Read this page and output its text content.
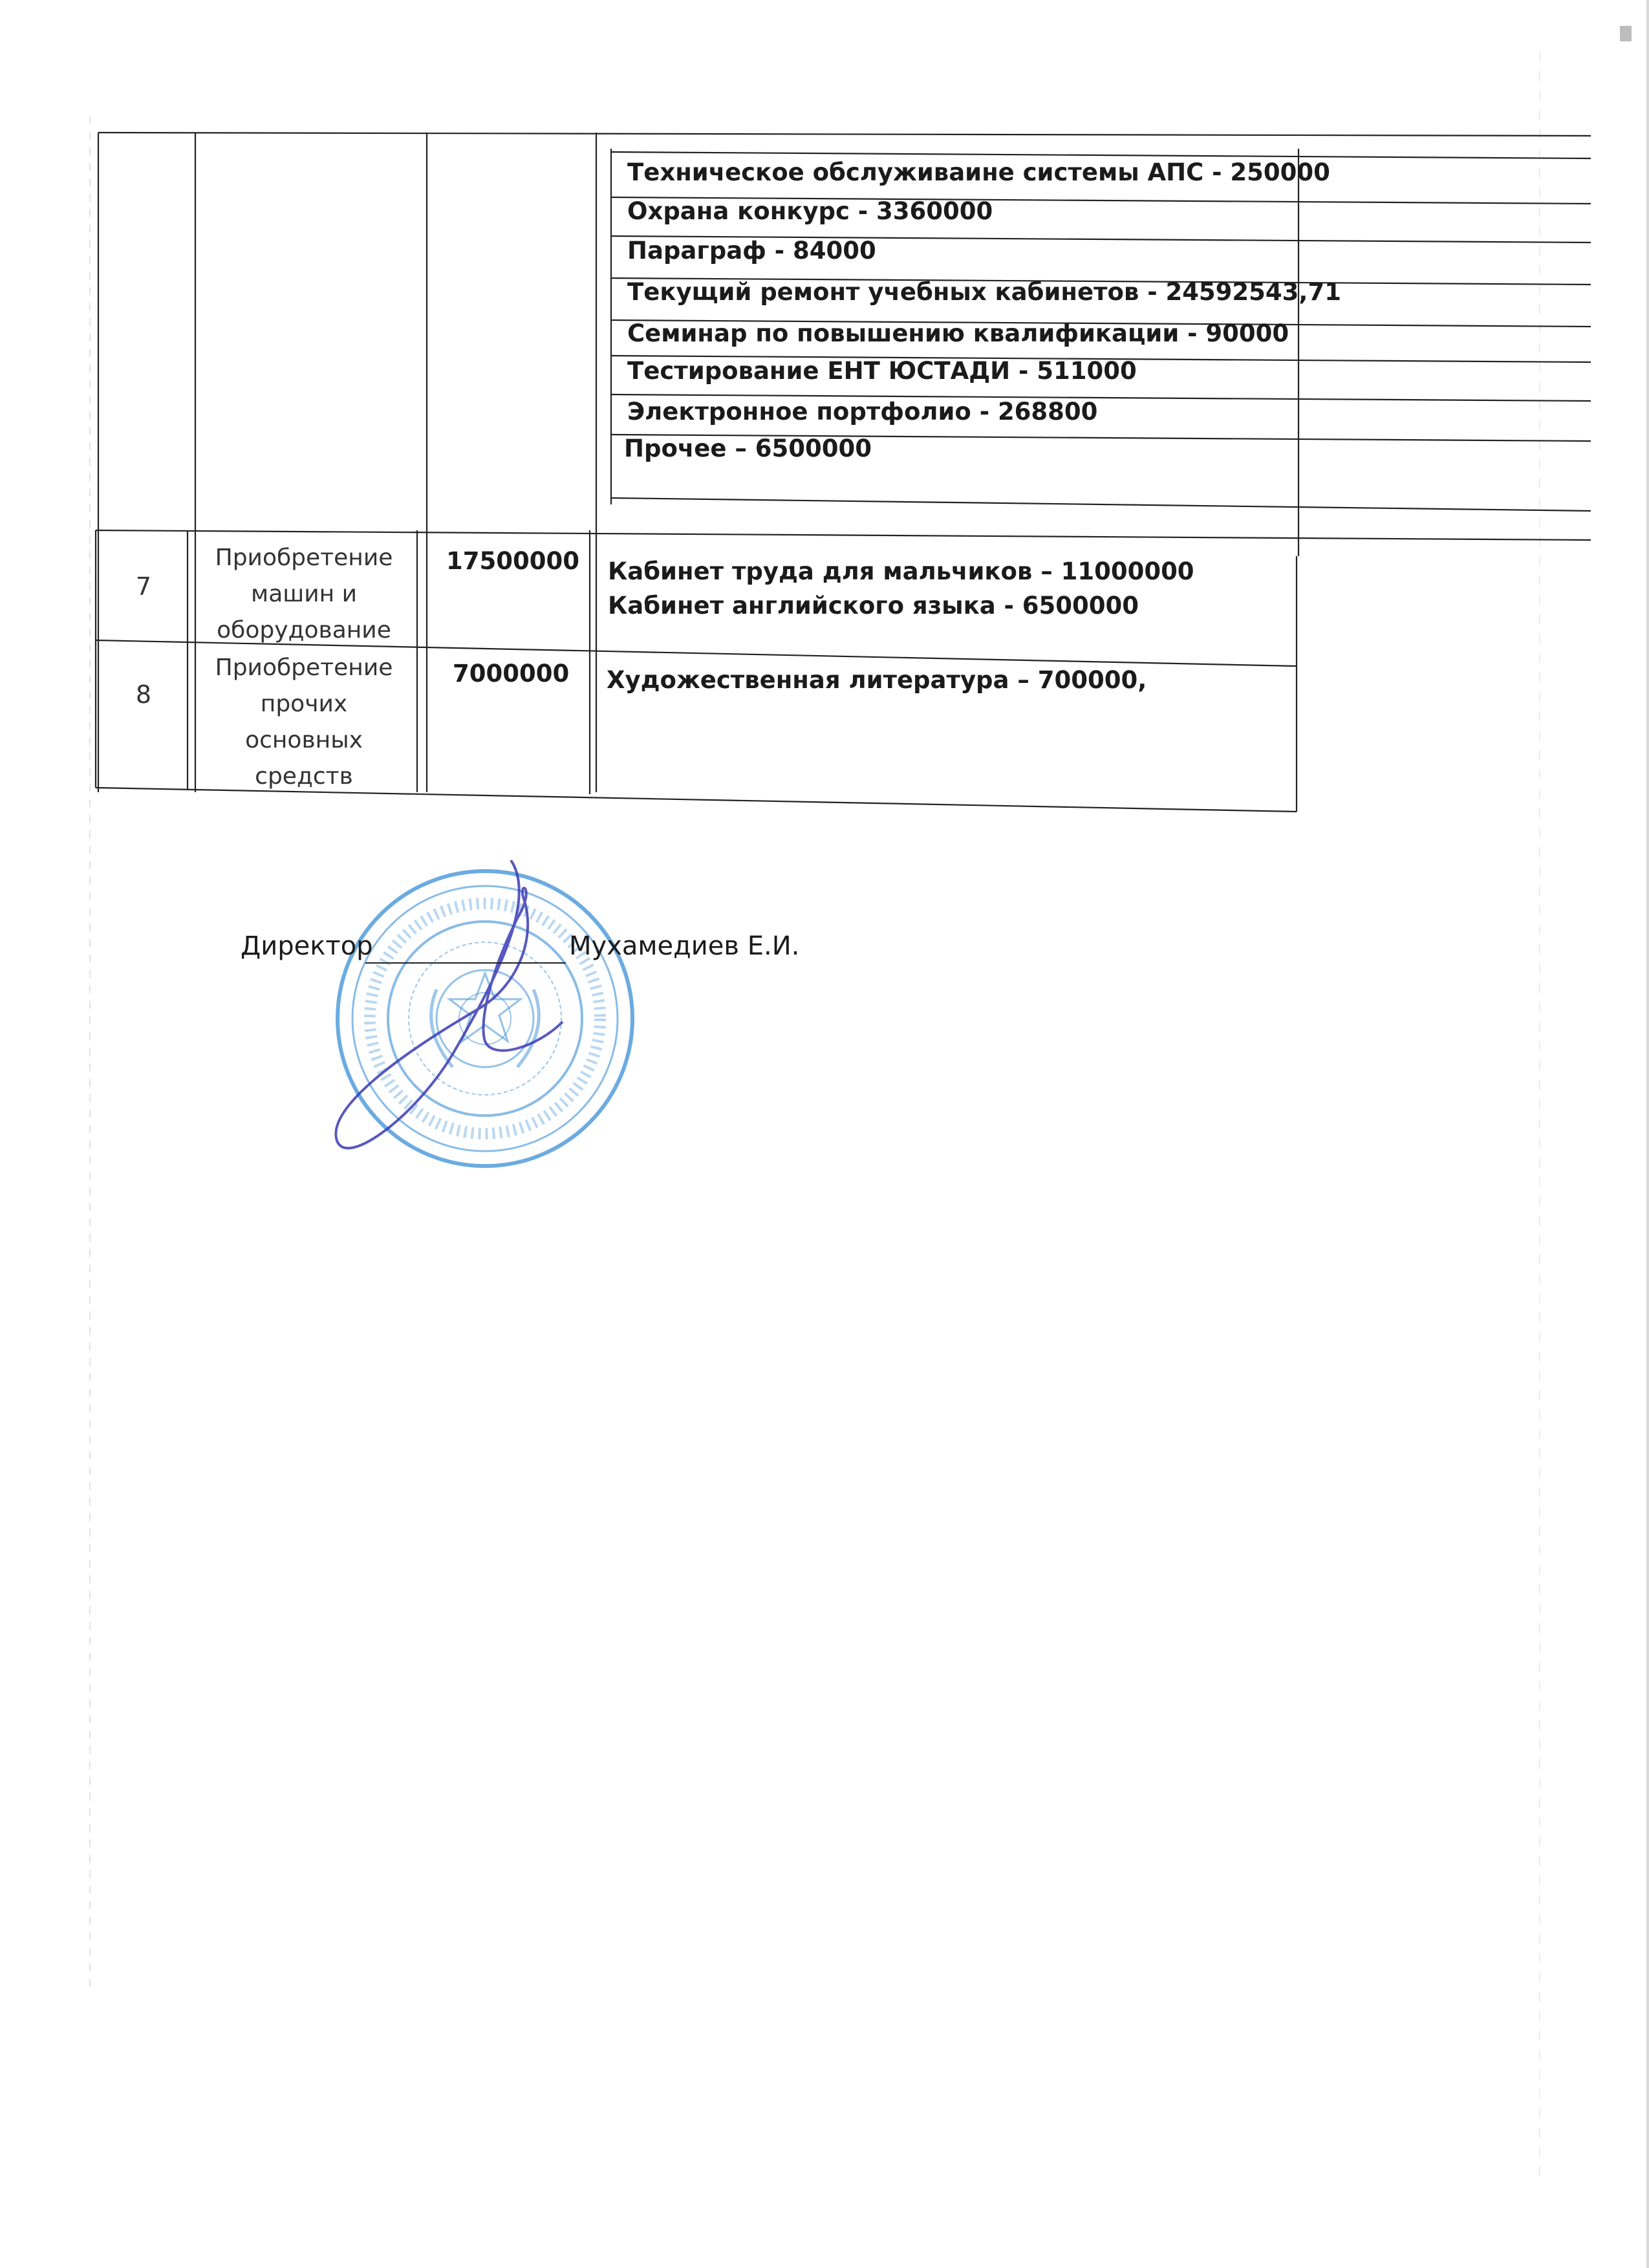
Техническое обслуживаине системы АПС - 250000
Охрана конкурс - 3360000
Параграф - 84000
Текущий ремонт учебных кабинетов - 24592543,71
Семинар по повышению квалификации - 90000
Тестирование ЕНТ ЮСТАДИ - 511000
Электронное портфолио - 268800
Прочее – 6500000
7
Приобретение
машин и
оборудование
17500000 Кабинет труда для мальчиков – 11000000
Кабинет английского языка - 6500000
8
Приобретение
прочих
основных
средств
7000000 Художественная литература – 700000,
Директор	Мухамедиев Е.И.
